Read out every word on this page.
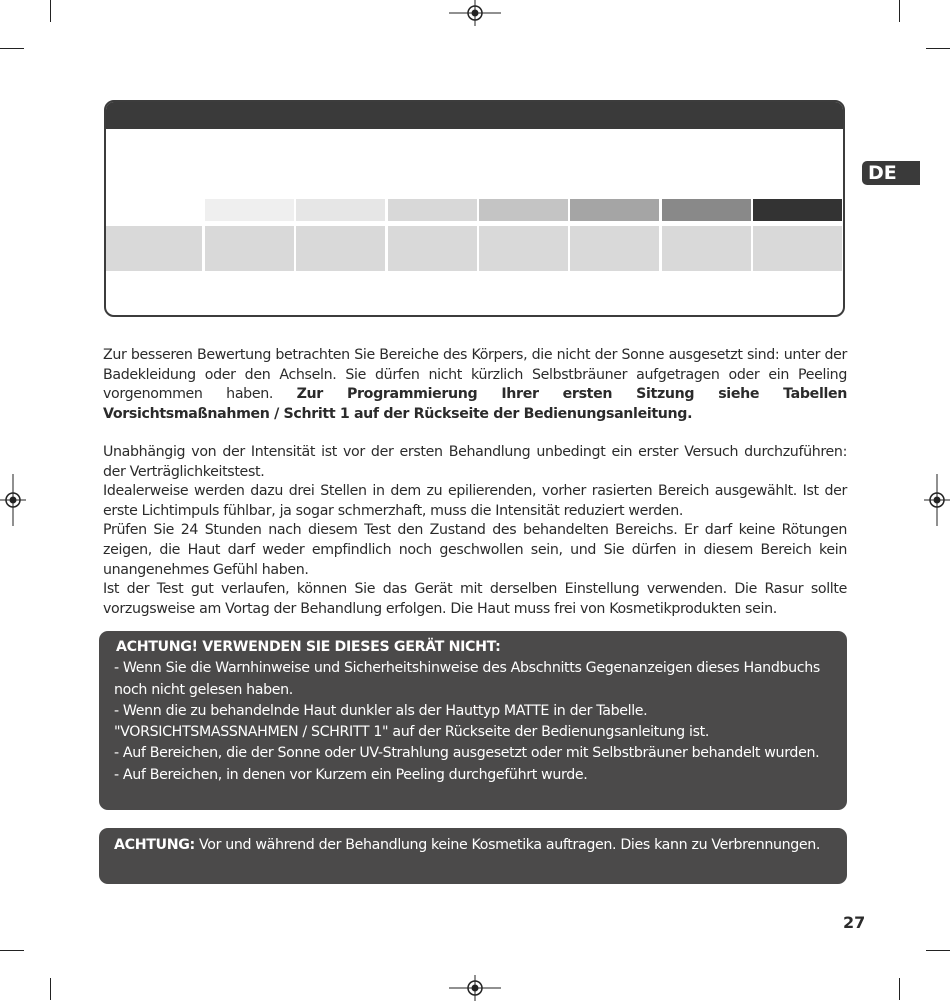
DE

Zur besseren Bewertung betrachten Sie Bereiche des Körpers, die nicht der Sonne ausgesetzt sind: unter der Badekleidung oder den Achseln. Sie dürfen nicht kürzlich Selbstbräuner aufgetragen oder ein Peeling vorgenommen haben. Zur Programmierung Ihrer ersten Sitzung siehe Tabellen Vorsichtsmaßnahmen / Schritt 1 auf der Rückseite der Bedienungsanleitung.

Unabhängig von der Intensität ist vor der ersten Behandlung unbedingt ein erster Versuch durchzuführen: der Verträglichkeitstest.

Idealerweise werden dazu drei Stellen in dem zu epilierenden, vorher rasierten Bereich ausgewählt. Ist der erste Lichtimpuls fühlbar, ja sogar schmerzhaft, muss die Intensität reduziert werden.

Prüfen Sie 24 Stunden nach diesem Test den Zustand des behandelten Bereichs. Er darf keine Rötungen zeigen, die Haut darf weder empfindlich noch geschwollen sein, und Sie dürfen in diesem Bereich kein unangenehmes Gefühl haben.

Ist der Test gut verlaufen, können Sie das Gerät mit derselben Einstellung verwenden. Die Rasur sollte vorzugsweise am Vortag der Behandlung erfolgen. Die Haut muss frei von Kosmetikprodukten sein.

ACHTUNG! VERWENDEN SIE DIESES GERÄT NICHT:

- Wenn Sie die Warnhinweise und Sicherheitshinweise des Abschnitts Gegenanzeigen dieses Handbuchs noch nicht gelesen haben.

- Wenn die zu behandelnde Haut dunkler als der Hauttyp MATTE in der Tabelle. "VORSICHTSMASSNAHMEN / SCHRITT 1" auf der Rückseite der Bedienungsanleitung ist.

- Auf Bereichen, die der Sonne oder UV-Strahlung ausgesetzt oder mit Selbstbräuner behandelt wurden.

- Auf Bereichen, in denen vor Kurzem ein Peeling durchgeführt wurde.

ACHTUNG: Vor und während der Behandlung keine Kosmetika auftragen. Dies kann zu Verbrennungen.

27
